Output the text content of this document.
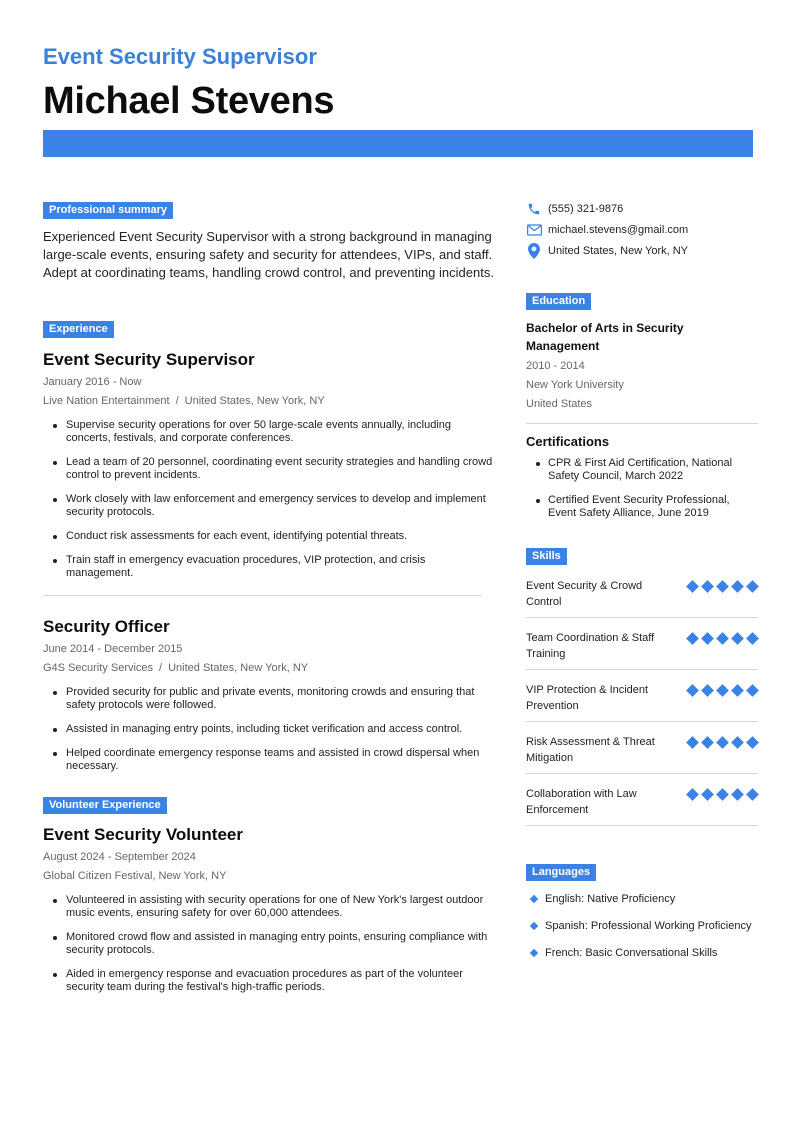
Event Security Supervisor
Michael Stevens
Professional summary

Experienced Event Security Supervisor with a strong background in managing large-scale events, ensuring safety and security for attendees, VIPs, and staff. Adept at coordinating teams, handling crowd control, and preventing incidents.

Experience
Event Security Supervisor
January 2016 - Now
Live Nation Entertainment / United States, New York, NY
Supervise security operations for over 50 large-scale events annually, including concerts, festivals, and corporate conferences.
Lead a team of 20 personnel, coordinating event security strategies and handling crowd control to prevent incidents.
Work closely with law enforcement and emergency services to develop and implement security protocols.
Conduct risk assessments for each event, identifying potential threats.
Train staff in emergency evacuation procedures, VIP protection, and crisis management.
Security Officer
June 2014 - December 2015
G4S Security Services / United States, New York, NY
Provided security for public and private events, monitoring crowds and ensuring that safety protocols were followed.
Assisted in managing entry points, including ticket verification and access control.
Helped coordinate emergency response teams and assisted in crowd dispersal when necessary.
Volunteer Experience
Event Security Volunteer
August 2024 - September 2024
Global Citizen Festival, New York, NY
Volunteered in assisting with security operations for one of New York's largest outdoor music events, ensuring safety for over 60,000 attendees.
Monitored crowd flow and assisted in managing entry points, ensuring compliance with security protocols.
Aided in emergency response and evacuation procedures as part of the volunteer security team during the festival's high-traffic periods.
(555) 321-9876
michael.stevens@gmail.com
United States, New York, NY
Education
Bachelor of Arts in Security Management
2010 - 2014
New York University
United States
Certifications
CPR & First Aid Certification, National Safety Council, March 2022
Certified Event Security Professional, Event Safety Alliance, June 2019
Skills
Event Security & Crowd Control
Team Coordination & Staff Training
VIP Protection & Incident Prevention
Risk Assessment & Threat Mitigation
Collaboration with Law Enforcement
Languages
English: Native Proficiency
Spanish: Professional Working Proficiency
French: Basic Conversational Skills
